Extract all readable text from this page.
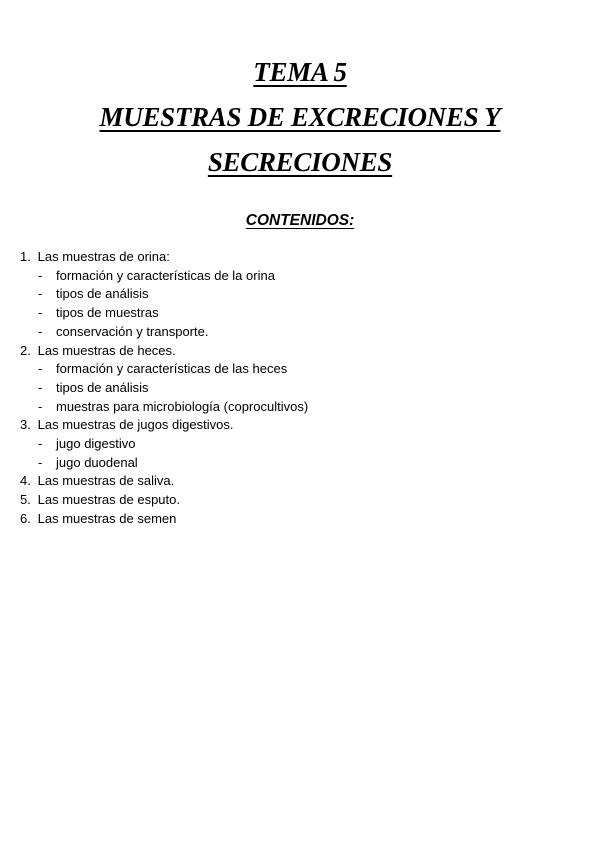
TEMA 5
MUESTRAS DE EXCRECIONES Y
SECRECIONES
CONTENIDOS:
1. Las muestras de orina:
- formación y características de la orina
- tipos de análisis
- tipos de muestras
- conservación y transporte.
2. Las muestras de heces.
- formación y características de las heces
- tipos de análisis
- muestras para microbiología (coprocultivos)
3. Las muestras de jugos digestivos.
- jugo digestivo
- jugo duodenal
4. Las muestras de saliva.
5. Las muestras de esputo.
6. Las muestras de semen
